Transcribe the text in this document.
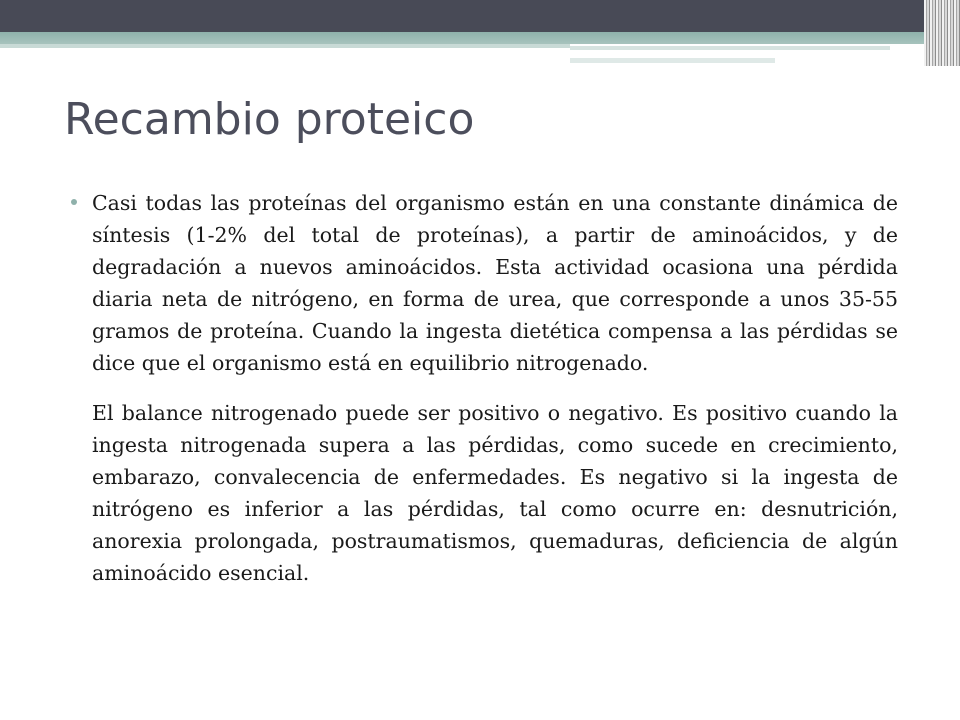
Recambio proteico

Casi todas las proteínas del organismo están en una constante dinámica de síntesis (1-2% del total de proteínas), a partir de aminoácidos, y de degradación a nuevos aminoácidos. Esta actividad ocasiona una pérdida diaria neta de nitrógeno, en forma de urea, que corresponde a unos 35-55 gramos de proteína. Cuando la ingesta dietética compensa a las pérdidas se dice que el organismo está en equilibrio nitrogenado.

El balance nitrogenado puede ser positivo o negativo. Es positivo cuando la ingesta nitrogenada supera a las pérdidas, como sucede en crecimiento, embarazo, convalecencia de enfermedades. Es negativo si la ingesta de nitrógeno es inferior a las pérdidas, tal como ocurre en: desnutrición, anorexia prolongada, postraumatismos, quemaduras, deficiencia de algún aminoácido esencial.
